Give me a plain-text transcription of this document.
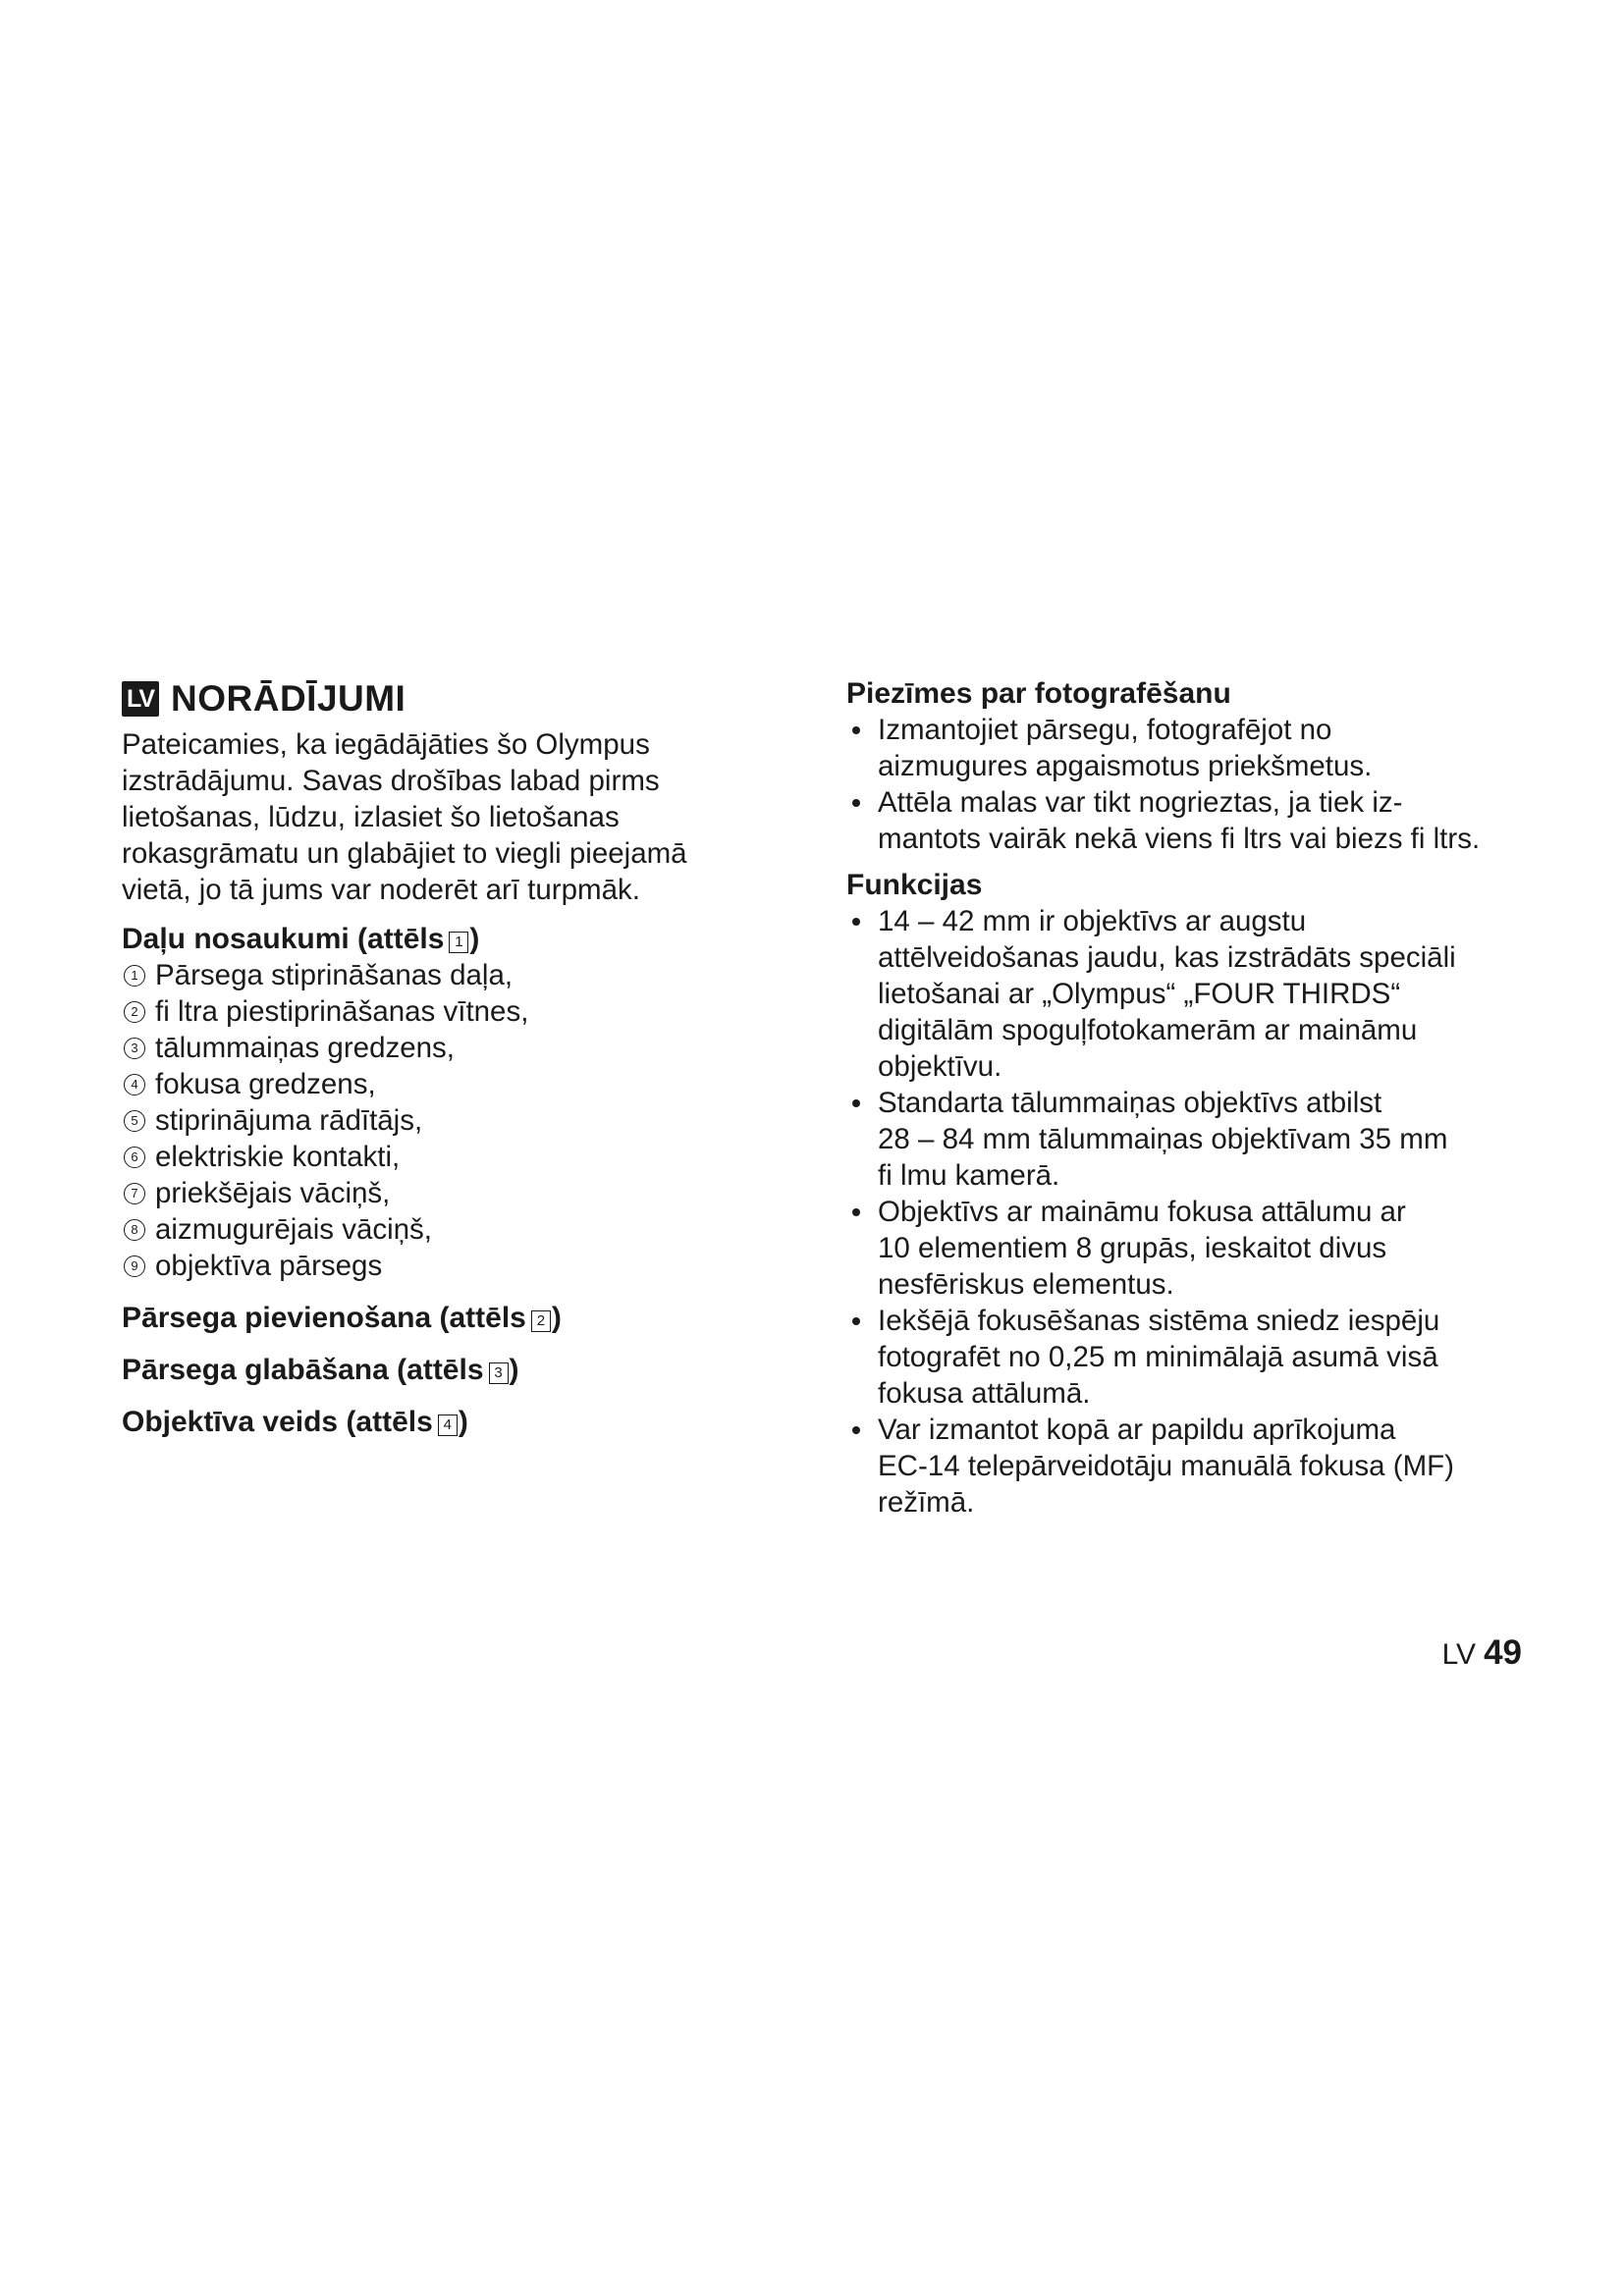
LV NORĀDĪJUMI

Pateicamies, ka iegādājāties šo Olympus

izstrādājumu. Savas drošības labad pirms

lietošanas, lūdzu, izlasiet šo lietošanas

rokasgrāmatu un glabājiet to viegli pieejamā

vietā, jo tā jums var noderēt arī turpmāk.

Daļu nosaukumi (attēls 1 )

1 Pārsega stiprināšanas daļa,
2 fi ltra piestiprināšanas vītnes,
3 tālummaiņas gredzens,
4 fokusa gredzens,
5 stiprinājuma rādītājs,
6 elektriskie kontakti,
7 priekšējais vāciņš,
8 aizmugurējais vāciņš,
9 objektīva pārsegs

Pārsega pievienošana (attēls 2 )

Pārsega glabāšana (attēls 3 )

Objektīva veids (attēls 4 )

Piezīmes par fotografēšanu

Izmantojiet pārsegu, fotografējot no
aizmugures apgaismotus priekšmetus.
Attēla malas var tikt nogrieztas, ja tiek iz-
mantots vairāk nekā viens fi ltrs vai biezs fi ltrs.

Funkcijas

14 – 42 mm ir objektīvs ar augstu
attēlveidošanas jaudu, kas izstrādāts speciāli
lietošanai ar „Olympus“ „FOUR THIRDS“
digitālām spoguļfotokamerām ar maināmu
objektīvu.
Standarta tālummaiņas objektīvs atbilst
28 – 84 mm tālummaiņas objektīvam 35 mm
fi lmu kamerā.
Objektīvs ar maināmu fokusa attālumu ar
10 elementiem 8 grupās, ieskaitot divus
nesfēriskus elementus.
Iekšējā fokusēšanas sistēma sniedz iespēju
fotografēt no 0,25 m minimālajā asumā visā
fokusa attālumā.
Var izmantot kopā ar papildu aprīkojuma
EC-14 telepārveidotāju manuālā fokusa (MF)
režīmā.
LV 49
